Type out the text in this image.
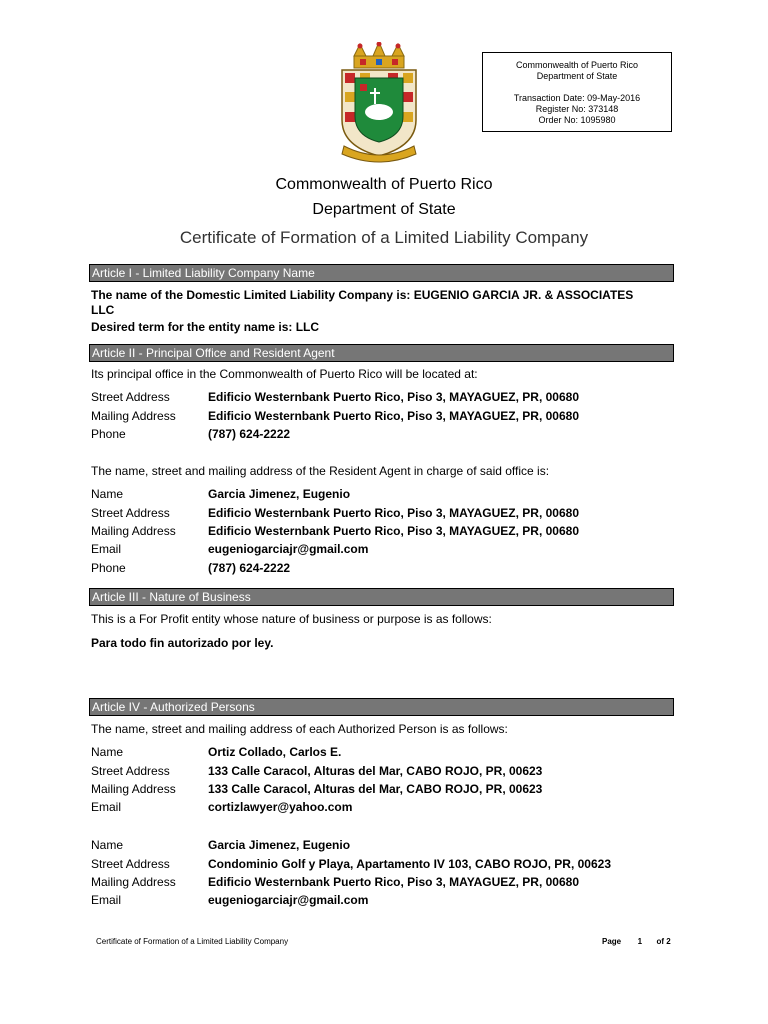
Commonwealth of Puerto Rico
Department of State
Transaction Date: 09-May-2016
Register No: 373148
Order No: 1095980
Commonwealth of Puerto Rico
Department of State
Certificate of Formation of a Limited Liability Company
Article I - Limited Liability Company Name
The name of the Domestic Limited Liability Company is: EUGENIO GARCIA JR. & ASSOCIATES
LLC
Desired term for the entity name is: LLC
Article II - Principal Office and Resident Agent
Its principal office in the Commonwealth of Puerto Rico will be located at:
Street Address	Edificio Westernbank Puerto Rico, Piso 3, MAYAGUEZ, PR, 00680
Mailing Address	Edificio Westernbank Puerto Rico, Piso 3, MAYAGUEZ, PR, 00680
Phone	(787) 624-2222
The name, street and mailing address of the Resident Agent in charge of said office is:
Name	Garcia Jimenez, Eugenio
Street Address	Edificio Westernbank Puerto Rico, Piso 3, MAYAGUEZ, PR, 00680
Mailing Address	Edificio Westernbank Puerto Rico, Piso 3, MAYAGUEZ, PR, 00680
Email	eugeniogarciajr@gmail.com
Phone	(787) 624-2222
Article III - Nature of Business
This is a For Profit entity whose nature of business or purpose is as follows:
Para todo fin autorizado por ley.
Article IV - Authorized Persons
The name, street and mailing address of each Authorized Person is as follows:
Name	Ortiz Collado, Carlos E.
Street Address	133 Calle Caracol, Alturas del Mar, CABO ROJO, PR, 00623
Mailing Address	133 Calle Caracol, Alturas del Mar, CABO ROJO, PR, 00623
Email	cortizlawyer@yahoo.com
Name	Garcia Jimenez, Eugenio
Street Address	Condominio Golf y Playa, Apartamento IV 103, CABO ROJO, PR, 00623
Mailing Address	Edificio Westernbank Puerto Rico, Piso 3, MAYAGUEZ, PR, 00680
Email	eugeniogarciajr@gmail.com
Certificate of Formation of a Limited Liability Company	Page 1 of 2
